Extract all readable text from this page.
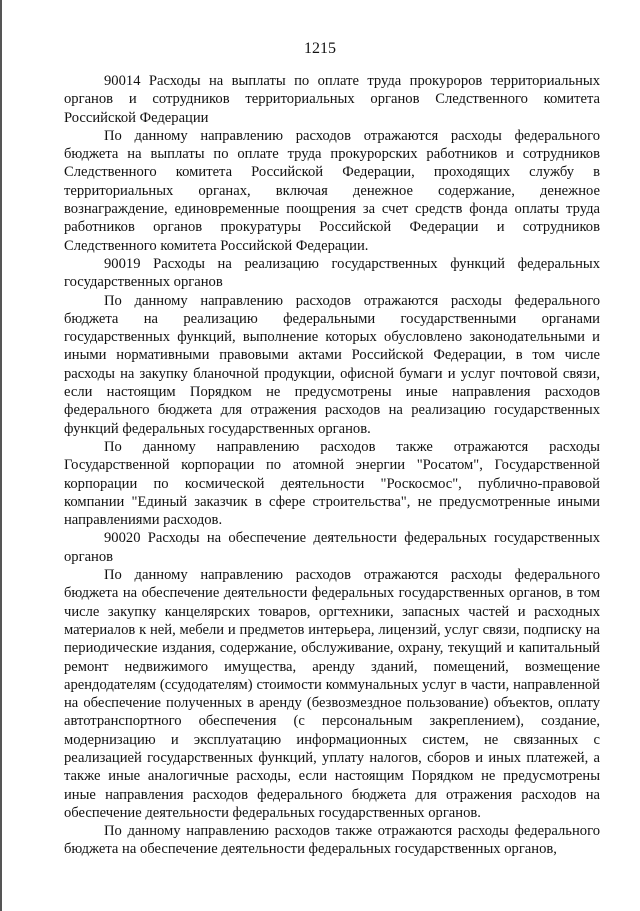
1215

90014 Расходы на выплаты по оплате труда прокуроров территориальных органов и сотрудников территориальных органов Следственного комитета Российской Федерации

По данному направлению расходов отражаются расходы федерального бюджета на выплаты по оплате труда прокурорских работников и сотрудников Следственного комитета Российской Федерации, проходящих службу в территориальных органах, включая денежное содержание, денежное вознаграждение, единовременные поощрения за счет средств фонда оплаты труда работников органов прокуратуры Российской Федерации и сотрудников Следственного комитета Российской Федерации.

90019 Расходы на реализацию государственных функций федеральных государственных органов

По данному направлению расходов отражаются расходы федерального бюджета на реализацию федеральными государственными органами государственных функций, выполнение которых обусловлено законодательными и иными нормативными правовыми актами Российской Федерации, в том числе расходы на закупку бланочной продукции, офисной бумаги и услуг почтовой связи, если настоящим Порядком не предусмотрены иные направления расходов федерального бюджета для отражения расходов на реализацию государственных функций федеральных государственных органов.

По данному направлению расходов также отражаются расходы Государственной корпорации по атомной энергии "Росатом", Государственной корпорации по космической деятельности "Роскосмос", публично-правовой компании "Единый заказчик в сфере строительства", не предусмотренные иными направлениями расходов.

90020 Расходы на обеспечение деятельности федеральных государственных органов

По данному направлению расходов отражаются расходы федерального бюджета на обеспечение деятельности федеральных государственных органов, в том числе закупку канцелярских товаров, оргтехники, запасных частей и расходных материалов к ней, мебели и предметов интерьера, лицензий, услуг связи, подписку на периодические издания, содержание, обслуживание, охрану, текущий и капитальный ремонт недвижимого имущества, аренду зданий, помещений, возмещение арендодателям (ссудодателям) стоимости коммунальных услуг в части, направленной на обеспечение полученных в аренду (безвозмездное пользование) объектов, оплату автотранспортного обеспечения (с персональным закреплением), создание, модернизацию и эксплуатацию информационных систем, не связанных с реализацией государственных функций, уплату налогов, сборов и иных платежей, а также иные аналогичные расходы, если настоящим Порядком не предусмотрены иные направления расходов федерального бюджета для отражения расходов на обеспечение деятельности федеральных государственных органов.

По данному направлению расходов также отражаются расходы федерального бюджета на обеспечение деятельности федеральных государственных органов,
